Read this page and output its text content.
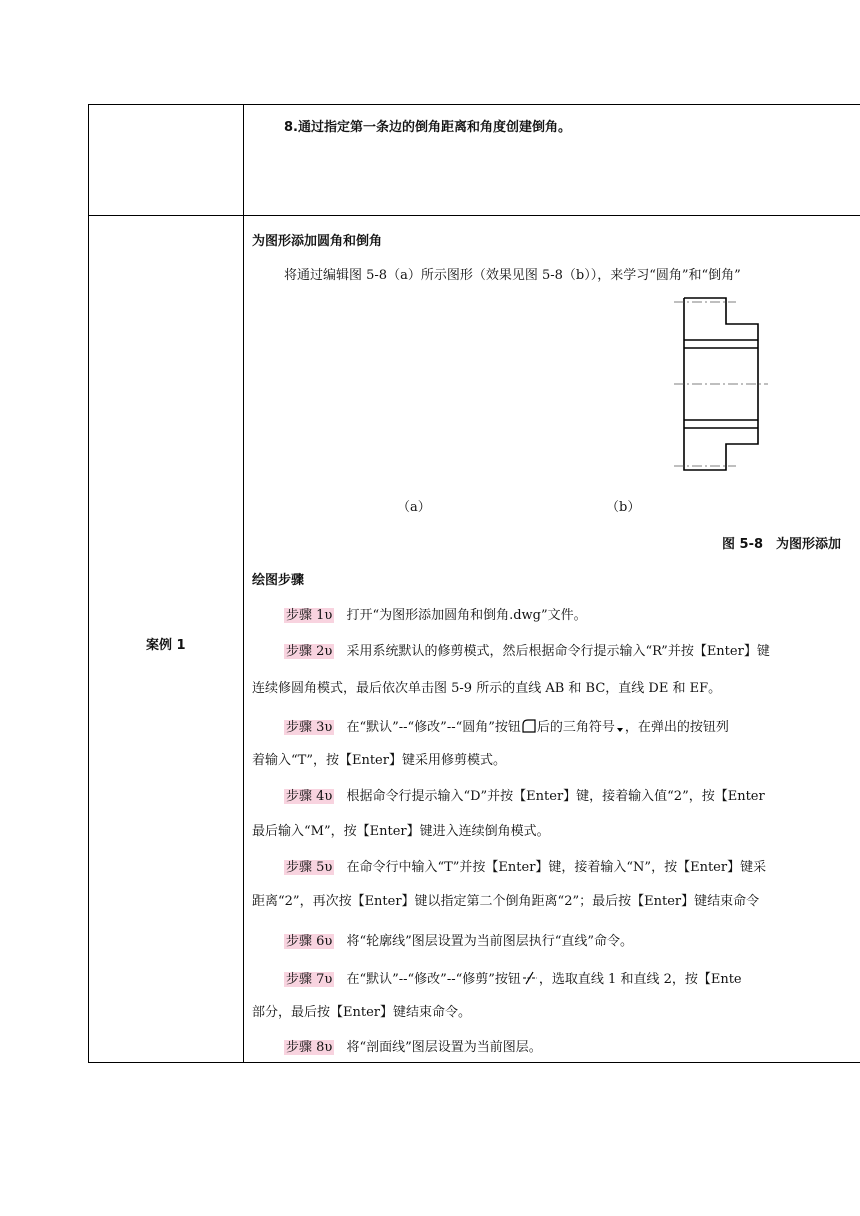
8.通过指定第一条边的倒角距离和角度创建倒角。
案例 1
为图形添加圆角和倒角
将通过编辑图 5-8（a）所示图形（效果见图 5-8（b）），来学习“圆角”和“倒角”
（a）	（b）
图 5-8　为图形添加
绘图步骤
步骤 1υ 打开“为图形添加圆角和倒角.dwg”文件。
步骤 2υ 采用系统默认的修剪模式，然后根据命令行提示输入“R”并按【Enter】键
连续修圆角模式，最后依次单击图 5-9 所示的直线 AB 和 BC，直线 DE 和 EF。
步骤 3υ 在“默认”--“修改”--“圆角”按钮 后的三角符号 ，在弹出的按钮列
着输入“T”，按【Enter】键采用修剪模式。
步骤 4υ 根据命令行提示输入“D”并按【Enter】键，接着输入值“2”，按【Enter
最后输入“M”，按【Enter】键进入连续倒角模式。
步骤 5υ 在命令行中输入“T”并按【Enter】键，接着输入“N”，按【Enter】键采
距离“2”，再次按【Enter】键以指定第二个倒角距离“2”；最后按【Enter】键结束命令
步骤 6υ 将“轮廓线”图层设置为当前图层执行“直线”命令。
步骤 7υ 在“默认”--“修改”--“修剪”按钮 ，选取直线 1 和直线 2，按【Ente
部分，最后按【Enter】键结束命令。
步骤 8υ 将“剖面线”图层设置为当前图层。
